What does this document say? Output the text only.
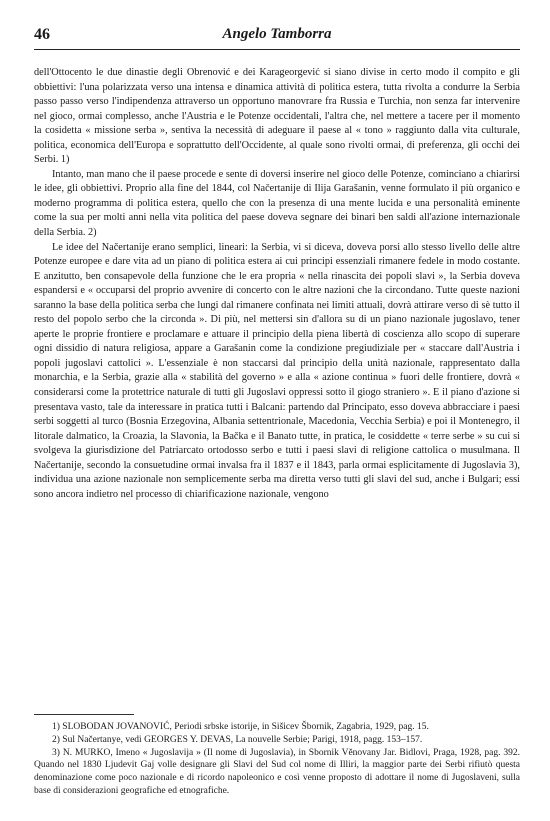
46	Angelo Tamborra

dell'Ottocento le due dinastie degli Obrenović e dei Karagеorgević si siano divise in certo modo il compito e gli obbiettivi: l'una polarizzata verso una intensa e dinamica attività di politica estera, tutta rivolta a condurre la Serbia passo passo verso l'indipendenza attraverso un opportuno manovrare fra Russia e Turchia, non senza far intervenire nel gioco, ormai complesso, anche l'Austria e le Potenze occidentali, l'altra che, nel mettere a tacere per il momento la cosidetta « missione serba », sentiva la necessità di adeguare il paese al « tono » raggiunto dalla vita culturale, politica, economica dell'Europa e soprattutto dell'Occidente, al quale sono rivolti ormai, di preferenza, gli occhi dei Serbi. 1)

Intanto, man mano che il paese procede e sente di doversi inserire nel gioco delle Potenze, cominciano a chiarirsi le idee, gli obbiettivi. Proprio alla fine del 1844, col Načertanije di Ilija Garašanin, venne formulato il più organico e moderno programma di politica estera, quello che con la presenza di una mente lucida e una personalità eminente come la sua per molti anni nella vita politica del paese doveva segnare dei binari ben saldi all'azione internazionale della Serbia. 2)

Le idee del Načertanije erano semplici, lineari: la Serbia, vi si diceva, doveva porsi allo stesso livello delle altre Potenze europee e dare vita ad un piano di politica estera ai cui principi essenziali rimanere fedele in modo costante. E anzitutto, ben consapevole della funzione che le era propria « nella rinascita dei popoli slavi », la Serbia doveva espandersi e « occuparsi del proprio avvenire di concerto con le altre nazioni che la circondano. Tutte queste nazioni saranno la base della politica serba che lungi dal rimanere confinata nei limiti attuali, dovrà attirare verso di sè tutto il resto del popolo serbo che la circonda ». Di più, nel mettersi sin d'allora su di un piano nazionale jugoslavo, tener aperte le proprie frontiere e proclamare e attuare il principio della piena libertà di coscienza allo scopo di superare ogni dissidio di natura religiosa, appare a Garašanin come la condizione pregiudiziale per « staccare dall'Austria i popoli jugoslavi cattolici ». L'essenziale è non staccarsi dal principio della unità nazionale, rappresentato dalla monarchia, e la Serbia, grazie alla « stabilità del governo » e alla « azione continua » fuori delle frontiere, dovrà « considerarsi come la protettrice naturale di tutti gli Jugoslavi oppressi sotto il giogo straniero ». E il piano d'azione si presentava vasto, tale da interessare in pratica tutti i Balcani: partendo dal Principato, esso doveva abbracciare i paesi serbi soggetti al turco (Bosnia Erzegovina, Albania settentrionale, Macedonia, Vecchia Serbia) e poi il Montenegro, il litorale dalmatico, la Croazia, la Slavonia, la Bačka e il Banato tutte, in pratica, le cosiddette « terre serbe » su cui si svolgeva la giurisdizione del Patriarcato ortodosso serbo e tutti i paesi slavi di religione cattolica o musulmana. Il Načertanije, secondo la consuetudine ormai invalsa fra il 1837 e il 1843, parla ormai esplicitamente di Jugoslavia 3), individua una azione nazionale non semplicemente serba ma diretta verso tutti gli slavi del sud, anche i Bulgari; essi sono ancora indietro nel processo di chiarificazione nazionale, vengono

1) SLOBODAN JOVANOVIĆ, Periodi srbske istorije, in Sišicev Šbornik, Zagabria, 1929, pag. 15.

2) Sul Načertanye, vedi GEORGES Y. DEVAS, La nouvelle Serbie; Parigi, 1918, pagg. 153–157.

3) N. MURKO, Imeno « Jugoslavija » (Il nome di Jugoslavia), in Sbornik Věnovany Jar. Bidlovi, Praga, 1928, pag. 392. Quando nel 1830 Ljudevit Gaj volle designare gli Slavi del Sud col nome di Illiri, la maggior parte dei Serbi rifiutò questa denominazione come poco nazionale e di ricordo napoleonico e così venne proposto di adottare il nome di Jugoslaveni, sulla base di considerazioni geografiche ed etnografiche.
